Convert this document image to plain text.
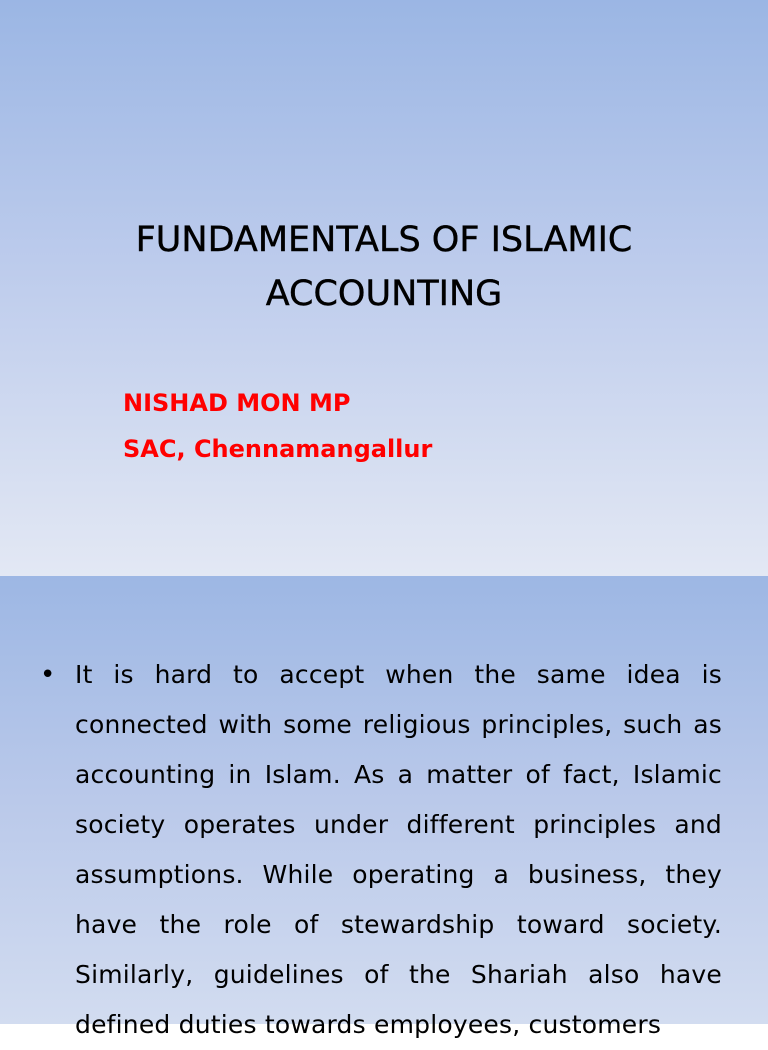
FUNDAMENTALS OF ISLAMIC
ACCOUNTING
NISHAD MON MP
SAC, Chennamangallur
• It is hard to accept when the same idea is connected with some religious principles, such as accounting in Islam. As a matter of fact, Islamic society operates under different principles and assumptions. While operating a business, they have the role of stewardship toward society. Similarly, guidelines of the Shariah also have defined duties towards employees, customers
